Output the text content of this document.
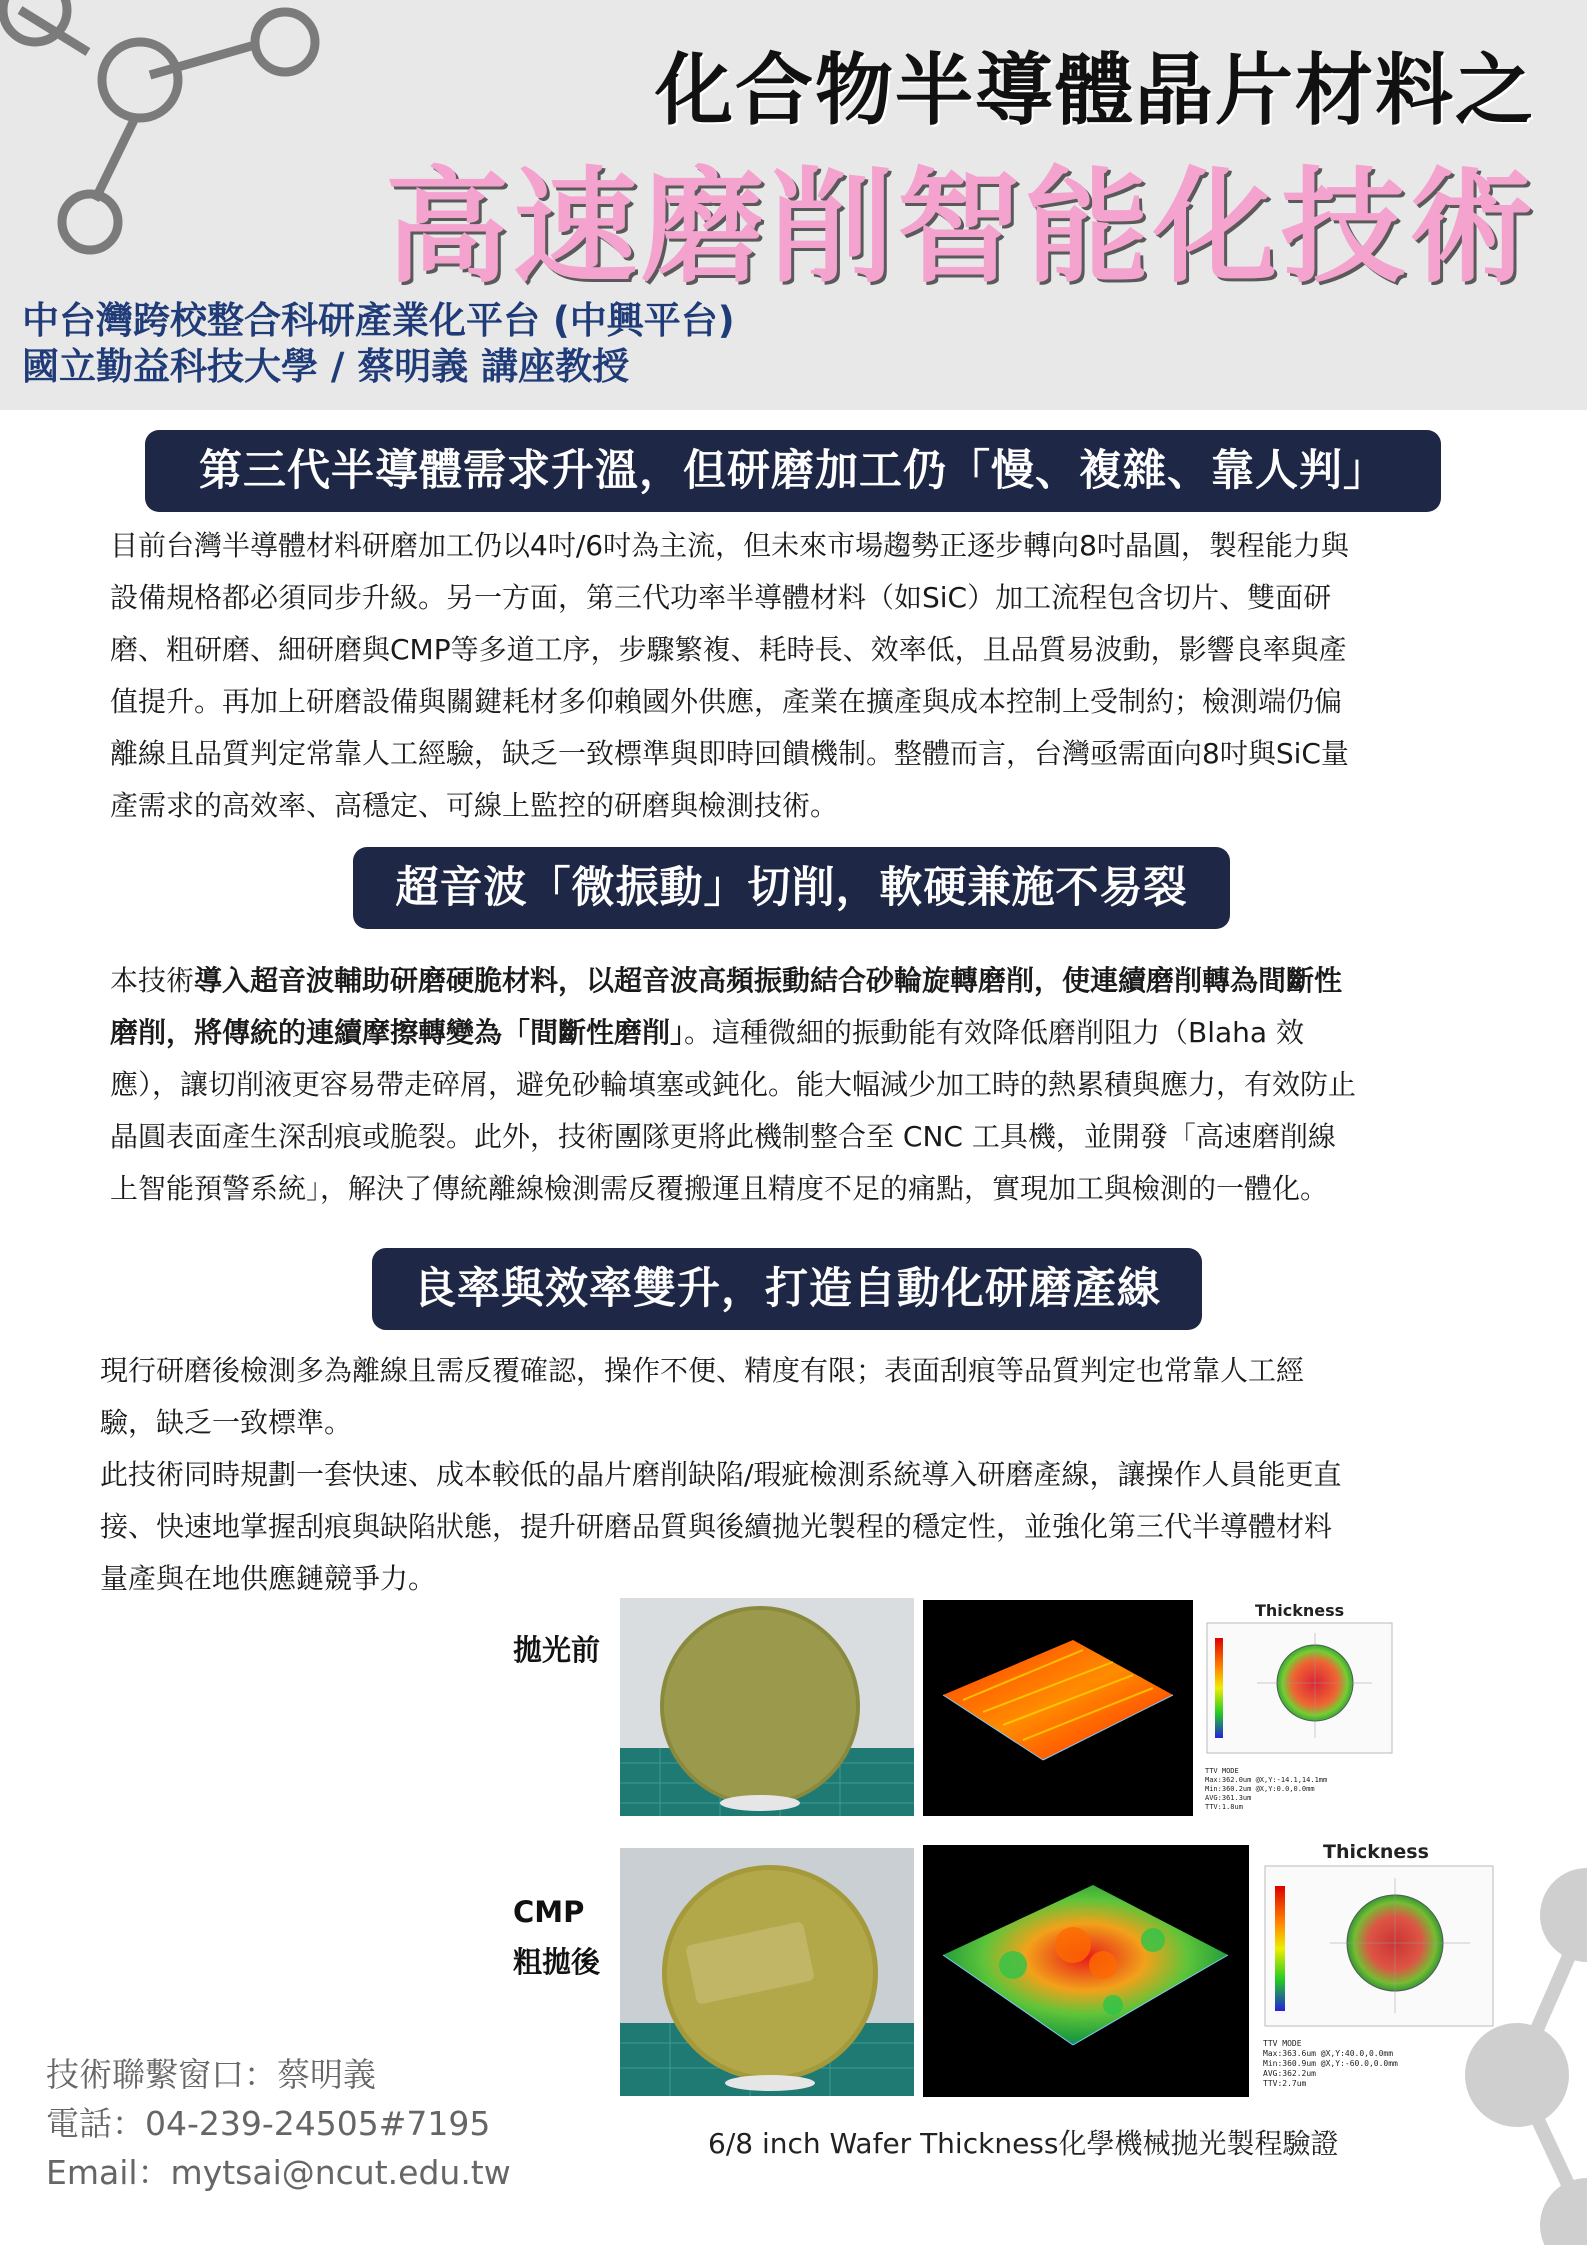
化合物半導體晶片材料之
高速磨削智能化技術
中台灣跨校整合科研產業化平台 (中興平台)
國立勤益科技大學 / 蔡明義 講座教授
第三代半導體需求升溫，但研磨加工仍「慢、複雜、靠人判」
目前台灣半導體材料研磨加工仍以4吋/6吋為主流，但未來市場趨勢正逐步轉向8吋晶圓，製程能力與
設備規格都必須同步升級。另一方面，第三代功率半導體材料（如SiC）加工流程包含切片、雙面研
磨、粗研磨、細研磨與CMP等多道工序，步驟繁複、耗時長、效率低，且品質易波動，影響良率與產
值提升。再加上研磨設備與關鍵耗材多仰賴國外供應，產業在擴產與成本控制上受制約；檢測端仍偏
離線且品質判定常靠人工經驗，缺乏一致標準與即時回饋機制。整體而言，台灣亟需面向8吋與SiC量
產需求的高效率、高穩定、可線上監控的研磨與檢測技術。
超音波「微振動」切削，軟硬兼施不易裂
本技術導入超音波輔助研磨硬脆材料，以超音波高頻振動結合砂輪旋轉磨削，使連續磨削轉為間斷性
磨削，將傳統的連續摩擦轉變為「間斷性磨削」。這種微細的振動能有效降低磨削阻力（Blaha 效
應），讓切削液更容易帶走碎屑，避免砂輪填塞或鈍化。能大幅減少加工時的熱累積與應力，有效防止
晶圓表面產生深刮痕或脆裂。此外，技術團隊更將此機制整合至 CNC 工具機，並開發「高速磨削線
上智能預警系統」，解決了傳統離線檢測需反覆搬運且精度不足的痛點，實現加工與檢測的一體化。
良率與效率雙升，打造自動化研磨產線
現行研磨後檢測多為離線且需反覆確認，操作不便、精度有限；表面刮痕等品質判定也常靠人工經
驗，缺乏一致標準。
此技術同時規劃一套快速、成本較低的晶片磨削缺陷/瑕疵檢測系統導入研磨產線，讓操作人員能更直
接、快速地掌握刮痕與缺陷狀態，提升研磨品質與後續拋光製程的穩定性，並強化第三代半導體材料
量產與在地供應鏈競爭力。
拋光前
CMP
粗拋後
Thickness
TTV MODE
Max:362.0um @X,Y:-14.1,14.1mm
Min:360.2um @X,Y:0.0,0.0mm
AVG:361.3um
TTV:1.8um
Thickness
TTV MODE
Max:363.6um @X,Y:40.0,0.0mm
Min:360.9um @X,Y:-60.0,0.0mm
AVG:362.2um
TTV:2.7um
6/8 inch Wafer Thickness化學機械拋光製程驗證
技術聯繫窗口：蔡明義
電話：04-239-24505#7195
Email：mytsai@ncut.edu.tw
